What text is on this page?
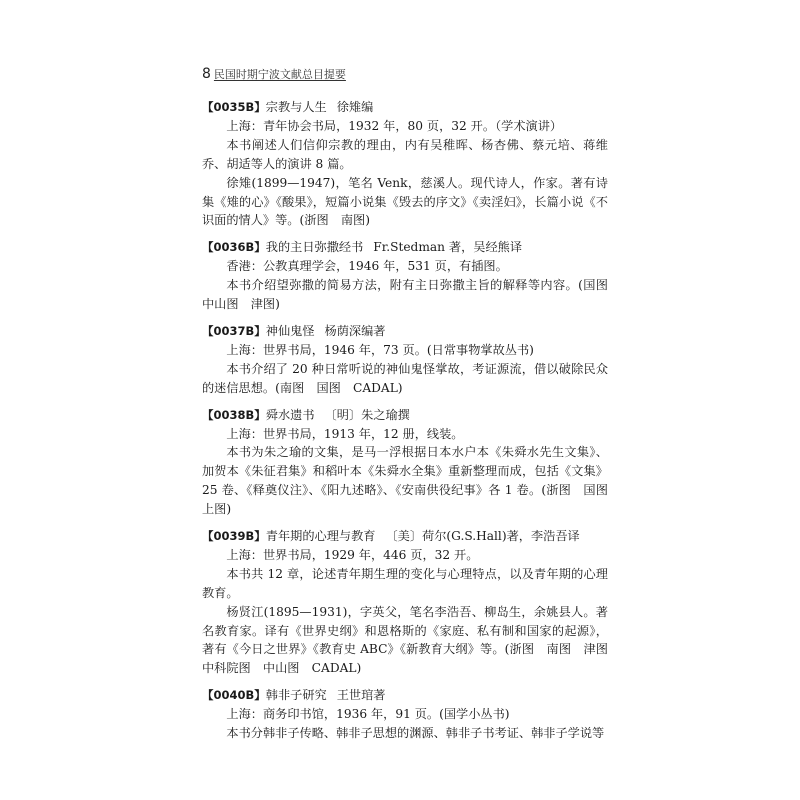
8 民国时期宁波文献总目提要
【0035B】宗教与人生 徐雉编
上海：青年协会书局，1932 年，80 页，32 开。（学术演讲）
本书阐述人们信仰宗教的理由，内有吴稚晖、杨杏佛、蔡元培、蒋维乔、胡适等人的演讲 8 篇。
徐雉(1899—1947)，笔名 Venk，慈溪人。现代诗人，作家。著有诗集《雉的心》《酸果》，短篇小说集《毁去的序文》《卖淫妇》，长篇小说《不识面的情人》等。(浙图　南图)
【0036B】我的主日弥撒经书 Fr.Stedman 著，吴经熊译
香港：公教真理学会，1946 年，531 页，有插图。
本书介绍望弥撒的简易方法，附有主日弥撒主旨的解释等内容。(国图　中山图　津图)
【0037B】神仙鬼怪 杨荫深编著
上海：世界书局，1946 年，73 页。(日常事物掌故丛书)
本书介绍了 20 种日常听说的神仙鬼怪掌故，考证源流，借以破除民众的迷信思想。(南图　国图　CADAL)
【0038B】舜水遗书 〔明〕朱之瑜撰
上海：世界书局，1913 年，12 册，线装。
本书为朱之瑜的文集，是马一浮根据日本水户本《朱舜水先生文集》、加贺本《朱征君集》和稻叶本《朱舜水全集》重新整理而成，包括《文集》25 卷、《释奠仪注》、《阳九述略》、《安南供役纪事》各 1 卷。(浙图　国图　上图)
【0039B】青年期的心理与教育 〔美〕荷尔(G.S.Hall)著，李浩吾译
上海：世界书局，1929 年，446 页，32 开。
本书共 12 章，论述青年期生理的变化与心理特点，以及青年期的心理教育。
杨贤江(1895—1931)，字英父，笔名李浩吾、柳岛生，余姚县人。著名教育家。译有《世界史纲》和恩格斯的《家庭、私有制和国家的起源》，著有《今日之世界》《教育史 ABC》《新教育大纲》等。(浙图　南图　津图　中科院图　中山图　CADAL)
【0040B】韩非子研究 王世琯著
上海：商务印书馆，1936 年，91 页。(国学小丛书)
本书分韩非子传略、韩非子思想的渊源、韩非子书考证、韩非子学说等
